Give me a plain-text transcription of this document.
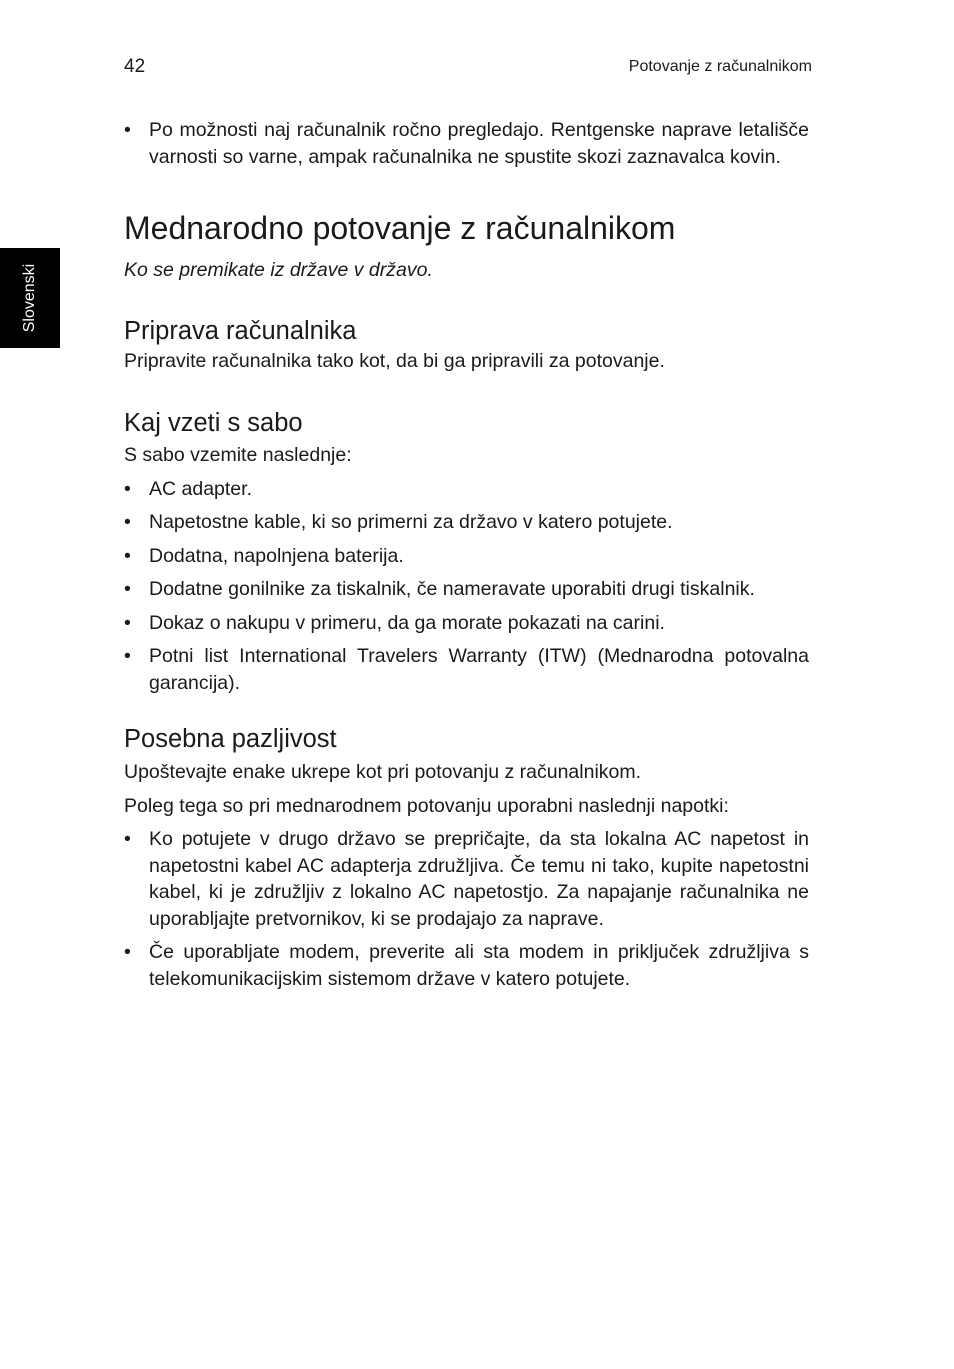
42	Potovanje z računalnikom
Slovenski
• Po možnosti naj računalnik ročno pregledajo. Rentgenske naprave letališče varnosti so varne, ampak računalnika ne spustite skozi zaznavalca kovin.
Mednarodno potovanje z računalnikom

Ko se premikate iz države v državo.

Priprava računalnika

Pripravite računalnika tako kot, da bi ga pripravili za potovanje.

Kaj vzeti s sabo

S sabo vzemite naslednje:

• AC adapter.
• Napetostne kable, ki so primerni za državo v katero potujete.
• Dodatna, napolnjena baterija.
• Dodatne gonilnike za tiskalnik, če nameravate uporabiti drugi tiskalnik.
• Dokaz o nakupu v primeru, da ga morate pokazati na carini.
• Potni list International Travelers Warranty (ITW) (Mednarodna potovalna garancija).
Posebna pazljivost

Upoštevajte enake ukrepe kot pri potovanju z računalnikom.

Poleg tega so pri mednarodnem potovanju uporabni naslednji napotki:

• Ko potujete v drugo državo se prepričajte, da sta lokalna AC napetost in napetostni kabel AC adapterja združljiva. Če temu ni tako, kupite napetostni kabel, ki je združljiv z lokalno AC napetostjo. Za napajanje računalnika ne uporabljajte pretvornikov, ki se prodajajo za naprave.
• Če uporabljate modem, preverite ali sta modem in priključek združljiva s telekomunikacijskim sistemom države v katero potujete.
